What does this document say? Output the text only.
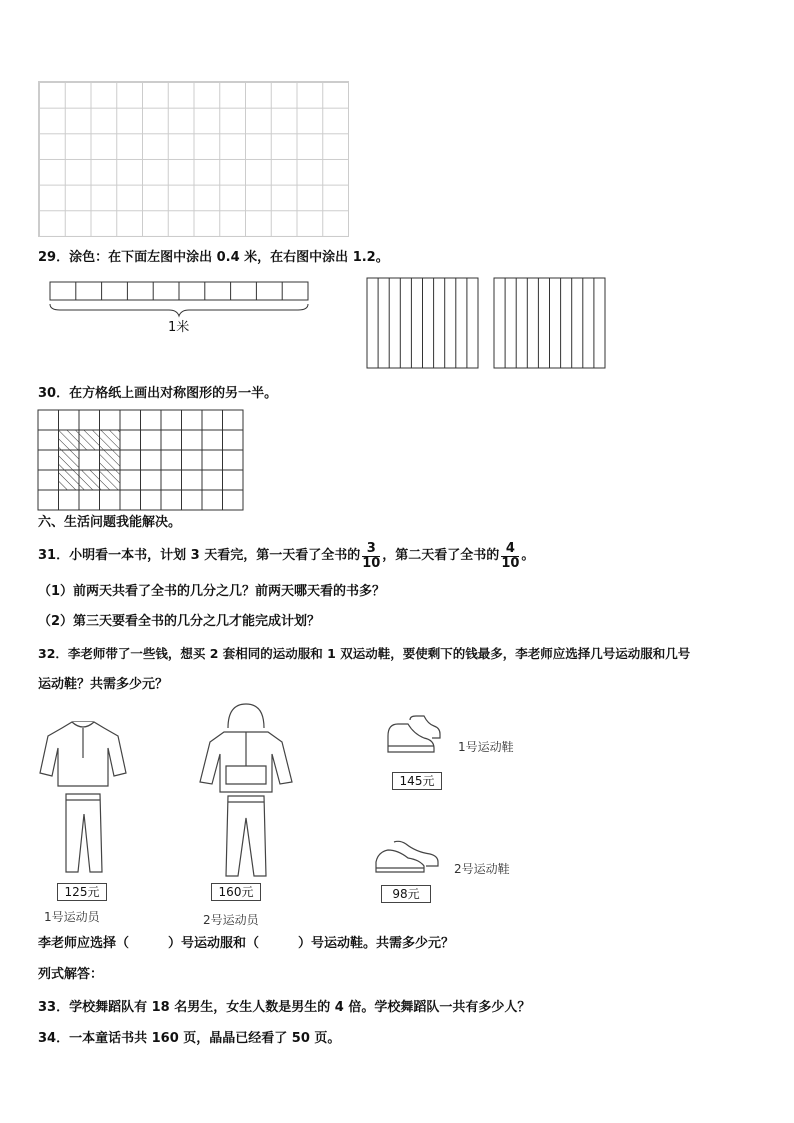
29．涂色：在下面左图中涂出 0.4 米，在右图中涂出 1.2。
1米
30．在方格纸上画出对称图形的另一半。
六、生活问题我能解决。
31．小明看一本书，计划 3 天看完，第一天看了全书的 $\frac{3}{10}$ ，第二天看了全书的 $\frac{4}{10}$ 。
（1）前两天共看了全书的几分之几？前两天哪天看的书多？
（2）第三天要看全书的几分之几才能完成计划？
32．李老师带了一些钱，想买 2 套相同的运动服和 1 双运动鞋，要使剩下的钱最多，李老师应选择几号运动服和几号
运动鞋？共需多少元？
125元
1号运动员
160元
2号运动员
1号运动鞋
145元
2号运动鞋
98元
李老师应选择（　　　）号运动服和（　　　）号运动鞋。共需多少元？
列式解答：
33．学校舞蹈队有 18 名男生，女生人数是男生的 4 倍。学校舞蹈队一共有多少人？
34．一本童话书共 160 页，晶晶已经看了 50 页。
